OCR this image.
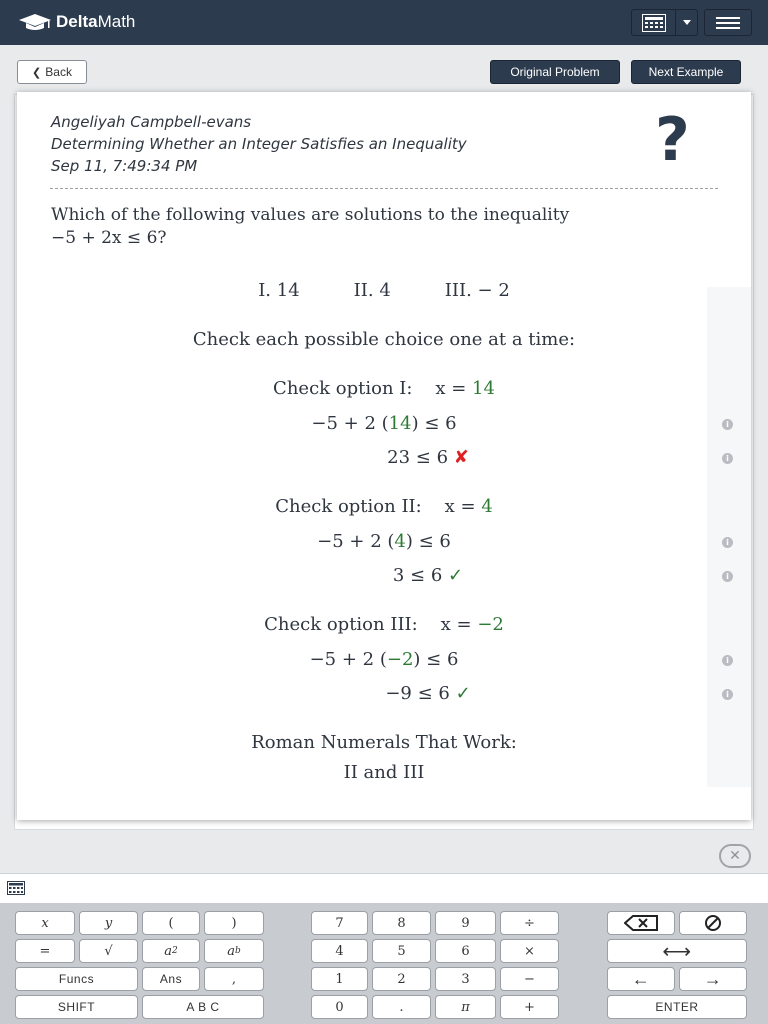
Delta Math
❮ Back	Original Problem	Next Example
Angeliyah Campbell-evans
Determining Whether an Integer Satisfies an Inequality
Sep 11, 7:49:34 PM	?
Which of the following values are solutions to the inequality
−5 + 2x ≤ 6?
I. 14	II. 4	III. − 2
Check each possible choice one at a time:
Check option I: x = 14
−5 + 2 (14) ≤ 6
23 ≤ 6 ✘
Check option II: x = 4
−5 + 2 (4) ≤ 6
3 ≤ 6 ✓
Check option III: x = −2
−5 + 2 (−2) ≤ 6
−9 ≤ 6 ✓
Roman Numerals That Work:
II and III
i
i
i
i
i
i
✕
x	y	(	)	7	8	9	÷
=	√	a 2	a b	4	5	6	×	⟷
Funcs	Ans	,	1	2	3	−	←	→
SHIFT	A B C	0	.	π	+	ENTER
